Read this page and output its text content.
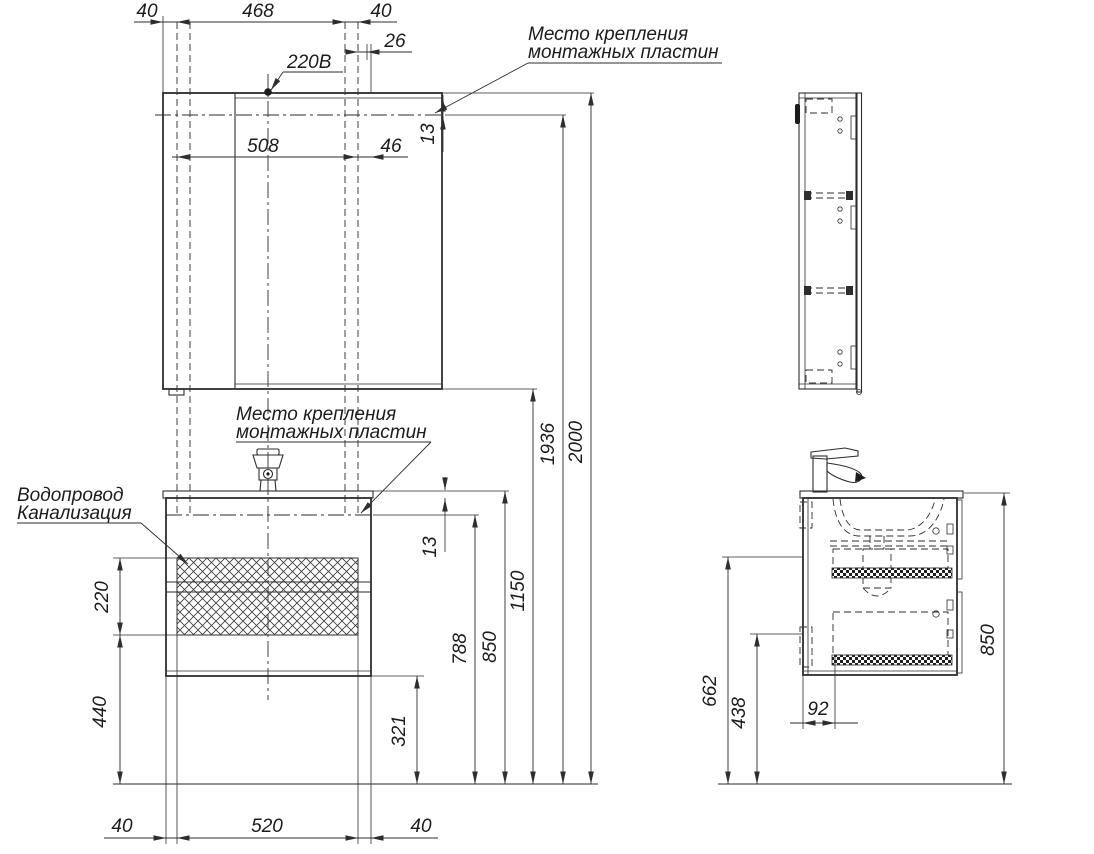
220В
40	468	40
26
508	46
13
2000
1936
1150
850
788
13
220
440
321
40	520	40
Место крепления
монтажных пластин
Место крепления
монтажных пластин
Водопровод
Канализация
662
438	92
850
